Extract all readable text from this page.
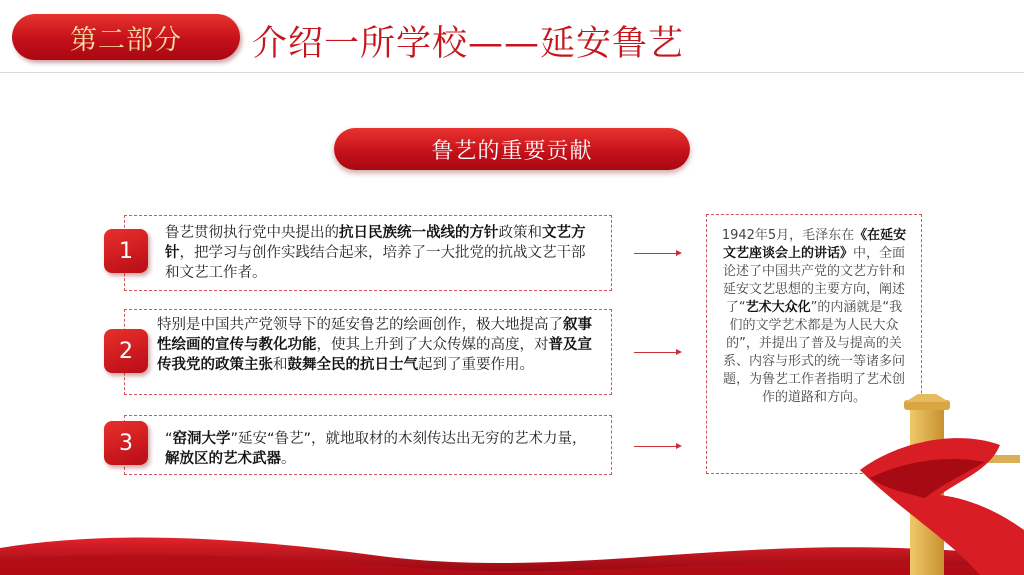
第二部分 介绍一所学校——延安鲁艺
鲁艺的重要贡献
鲁艺贯彻执行党中央提出的抗日民族统一战线的方针政策和文艺方针，把学习与创作实践结合起来，培养了一大批党的抗战文艺干部和文艺工作者。
1
特别是中国共产党领导下的延安鲁艺的绘画创作，极大地提高了叙事性绘画的宣传与教化功能，使其上升到了大众传媒的高度，对普及宣传我党的政策主张和鼓舞全民的抗日士气起到了重要作用。
2
“窑洞大学”延安“鲁艺”，就地取材的木刻传达出无穷的艺术力量，解放区的艺术武器。
3
1942年5月，毛泽东在《在延安文艺座谈会上的讲话》中，全面论述了中国共产党的文艺方针和延安文艺思想的主要方向，阐述了“艺术大众化”的内涵就是“我们的文学艺术都是为人民大众的”，并提出了普及与提高的关系、内容与形式的统一等诸多问题，为鲁艺工作者指明了艺术创作的道路和方向。
